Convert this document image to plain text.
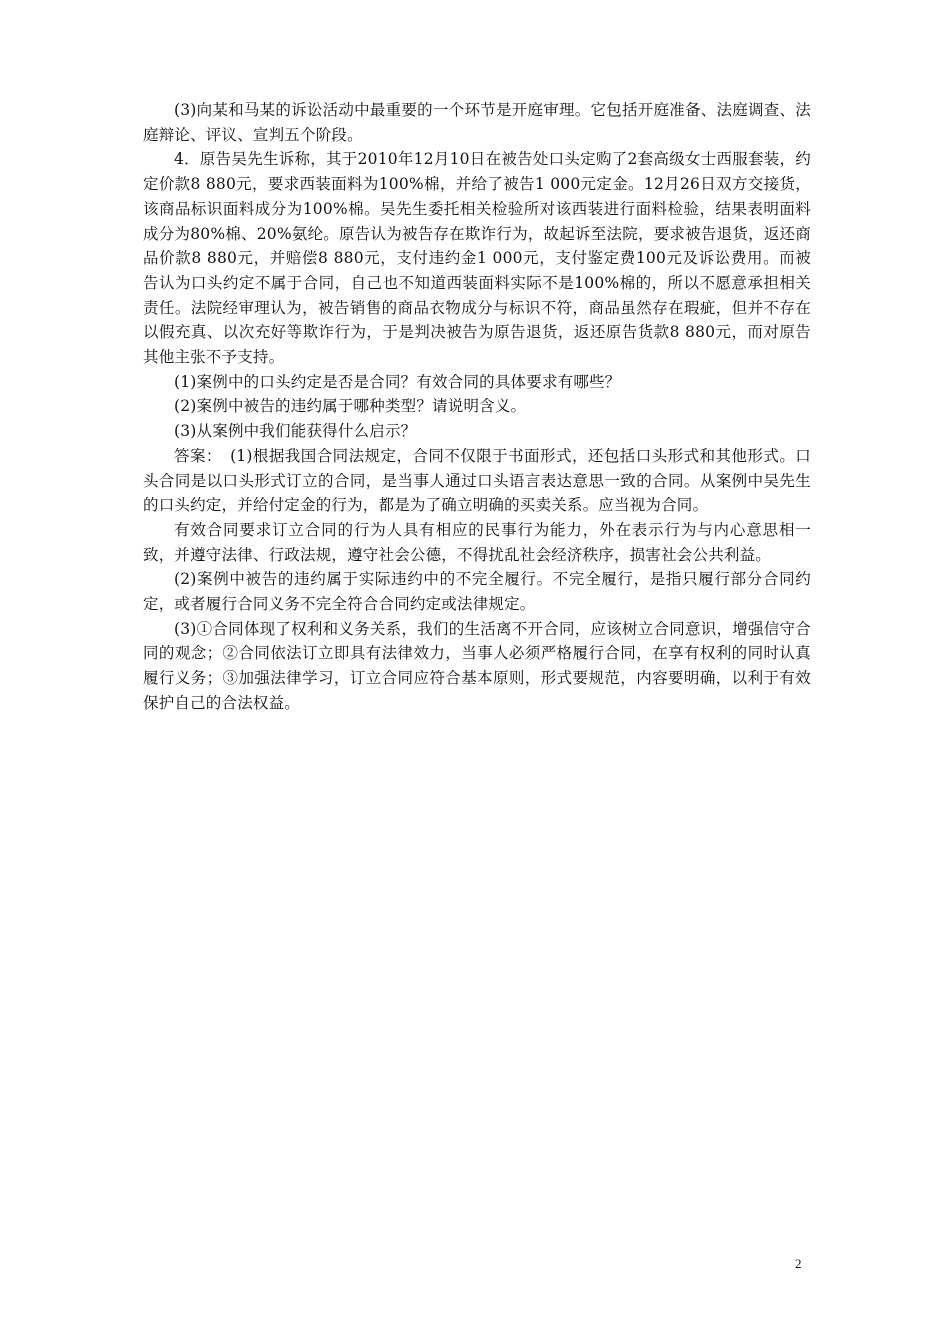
(3)向某和马某的诉讼活动中最重要的一个环节是开庭审理。它包括开庭准备、法庭调查、法庭辩论、评议、宣判五个阶段。

4．原告吴先生诉称，其于2010年12月10日在被告处口头定购了2套高级女士西服套装，约定价款8 880元，要求西装面料为100%棉，并给了被告1 000元定金。12月26日双方交接货，该商品标识面料成分为100%棉。吴先生委托相关检验所对该西装进行面料检验，结果表明面料成分为80%棉、20%氨纶。原告认为被告存在欺诈行为，故起诉至法院，要求被告退货，返还商品价款8 880元，并赔偿8 880元，支付违约金1 000元，支付鉴定费100元及诉讼费用。而被告认为口头约定不属于合同，自己也不知道西装面料实际不是100%棉的，所以不愿意承担相关责任。法院经审理认为，被告销售的商品衣物成分与标识不符，商品虽然存在瑕疵，但并不存在以假充真、以次充好等欺诈行为，于是判决被告为原告退货，返还原告货款8 880元，而对原告其他主张不予支持。

(1)案例中的口头约定是否是合同？有效合同的具体要求有哪些？

(2)案例中被告的违约属于哪种类型？请说明含义。

(3)从案例中我们能获得什么启示？

答案：　(1)根据我国合同法规定，合同不仅限于书面形式，还包括口头形式和其他形式。口头合同是以口头形式订立的合同，是当事人通过口头语言表达意思一致的合同。从案例中吴先生的口头约定，并给付定金的行为，都是为了确立明确的买卖关系。应当视为合同。

有效合同要求订立合同的行为人具有相应的民事行为能力，外在表示行为与内心意思相一致，并遵守法律、行政法规，遵守社会公德，不得扰乱社会经济秩序，损害社会公共利益。

(2)案例中被告的违约属于实际违约中的不完全履行。不完全履行，是指只履行部分合同约定，或者履行合同义务不完全符合合同约定或法律规定。

(3)①合同体现了权利和义务关系，我们的生活离不开合同，应该树立合同意识，增强信守合同的观念；②合同依法订立即具有法律效力，当事人必须严格履行合同，在享有权利的同时认真履行义务；③加强法律学习，订立合同应符合基本原则，形式要规范，内容要明确，以利于有效保护自己的合法权益。

2
